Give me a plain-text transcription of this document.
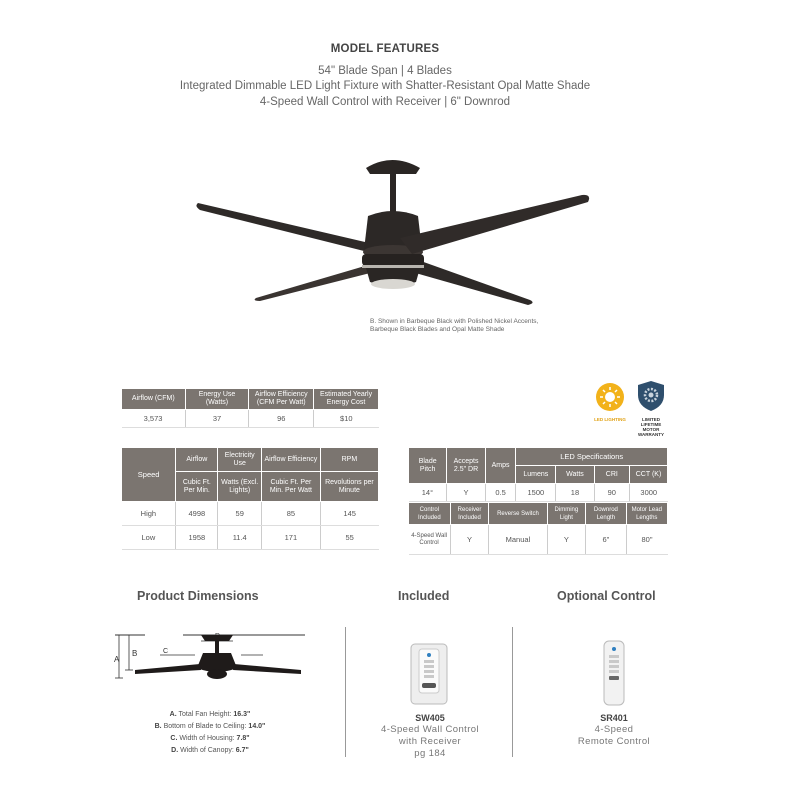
MODEL FEATURES
54" Blade Span | 4 Blades
Integrated Dimmable LED Light Fixture with Shatter-Resistant Opal Matte Shade
4-Speed Wall Control with Receiver | 6" Downrod
B. Shown in Barbeque Black with Polished Nickel Accents,
Barbeque Black Blades and Opal Matte Shade
Airflow (CFM)	Energy Use (Watts)	Airflow Efficiency (CFM Per Watt)	Estimated Yearly Energy Cost
3,573	37	96	$10	LED LIGHTING	LIMITED LIFETIME MOTOR WARRANTY
Speed	Airflow	Electricity Use	Airflow Efficiency	RPM
	Cubic Ft. Per Min.	Watts (Excl. Lights)	Cubic Ft. Per Min. Per Watt	Revolutions per Minute
High	4998	59	85	145
Low	1958	11.4	171	55
Blade Pitch	Accepts 2.5" DR	Amps	LED Specifications			
			Lumens	Watts	CRI	CCT (K)
14°	Y	0.5	1500	18	90	3000
Control Included	Receiver Included	Reverse Switch	Dimming Light	Downrod Length	Motor Lead Lengths
4-Speed Wall Control	Y	Manual	Y	6"	80"
Product Dimensions	Included	Optional Control
A
B	C
A. Total Fan Height: 16.3"
B. Bottom of Blade to Ceiling: 14.0"
C. Width of Housing: 7.8"
D. Width of Canopy: 6.7"
SW405
4-Speed Wall Control
with Receiver
pg 184
SR401
4-Speed
Remote Control
